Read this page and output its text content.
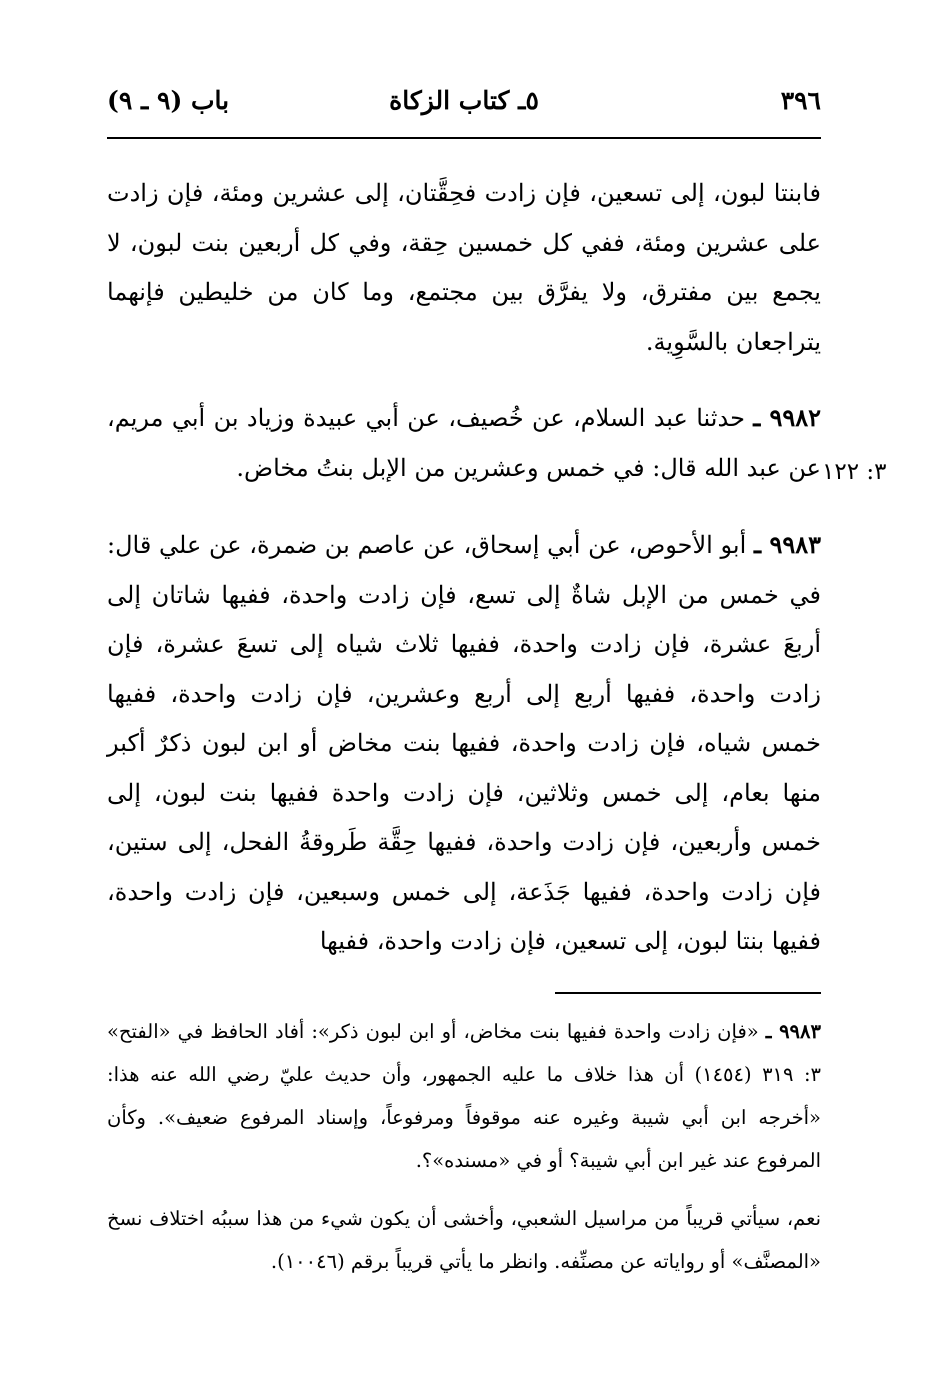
٣٩٦
٥ـ كتاب الزكاة
باب (٩ ـ ٩)

فابنتا لبون، إلى تسعين، فإن زادت فحِقَّتان، إلى عشرين ومئة، فإن زادت على عشرين ومئة، ففي كل خمسين حِقة، وفي كل أربعين بنت لبون، لا يجمع بين مفترق، ولا يفرَّق بين مجتمع، وما كان من خليطين فإنهما يتراجعان بالسَّوِية.

٩٩٨٢ ـ حدثنا عبد السلام، عن خُصيف، عن أبي عبيدة وزياد بن أبي مريم، عن عبد الله قال: في خمس وعشرين من الإبل بنتُ مخاض. ٣: ١٢٢

٩٩٨٣ ـ أبو الأحوص، عن أبي إسحاق، عن عاصم بن ضمرة، عن علي قال: في خمس من الإبل شاةٌ إلى تسع، فإن زادت واحدة، ففيها شاتان إلى أربعَ عشرة، فإن زادت واحدة، ففيها ثلاث شياه إلى تسعَ عشرة، فإن زادت واحدة، ففيها أربع إلى أربع وعشرين، فإن زادت واحدة، ففيها خمس شياه، فإن زادت واحدة، ففيها بنت مخاض أو ابن لبون ذكرٌ أكبر منها بعام، إلى خمس وثلاثين، فإن زادت واحدة ففيها بنت لبون، إلى خمس وأربعين، فإن زادت واحدة، ففيها حِقَّة طَروقةُ الفحل، إلى ستين، فإن زادت واحدة، ففيها جَذَعة، إلى خمس وسبعين، فإن زادت واحدة، ففيها بنتا لبون، إلى تسعين، فإن زادت واحدة، ففيها

٩٩٨٣ ـ «فإن زادت واحدة ففيها بنت مخاض، أو ابن لبون ذكر»: أفاد الحافظ في «الفتح» ٣: ٣١٩ (١٤٥٤) أن هذا خلاف ما عليه الجمهور، وأن حديث عليّ رضي الله عنه هذا: «أخرجه ابن أبي شيبة وغيره عنه موقوفاً ومرفوعاً، وإسناد المرفوع ضعيف». وكأن المرفوع عند غير ابن أبي شيبة؟ أو في «مسنده»؟.

نعم، سيأتي قريباً من مراسيل الشعبي، وأخشى أن يكون شيء من هذا سببُه اختلاف نسخ «المصنَّف» أو رواياته عن مصنِّفه. وانظر ما يأتي قريباً برقم (١٠٠٤٦).
